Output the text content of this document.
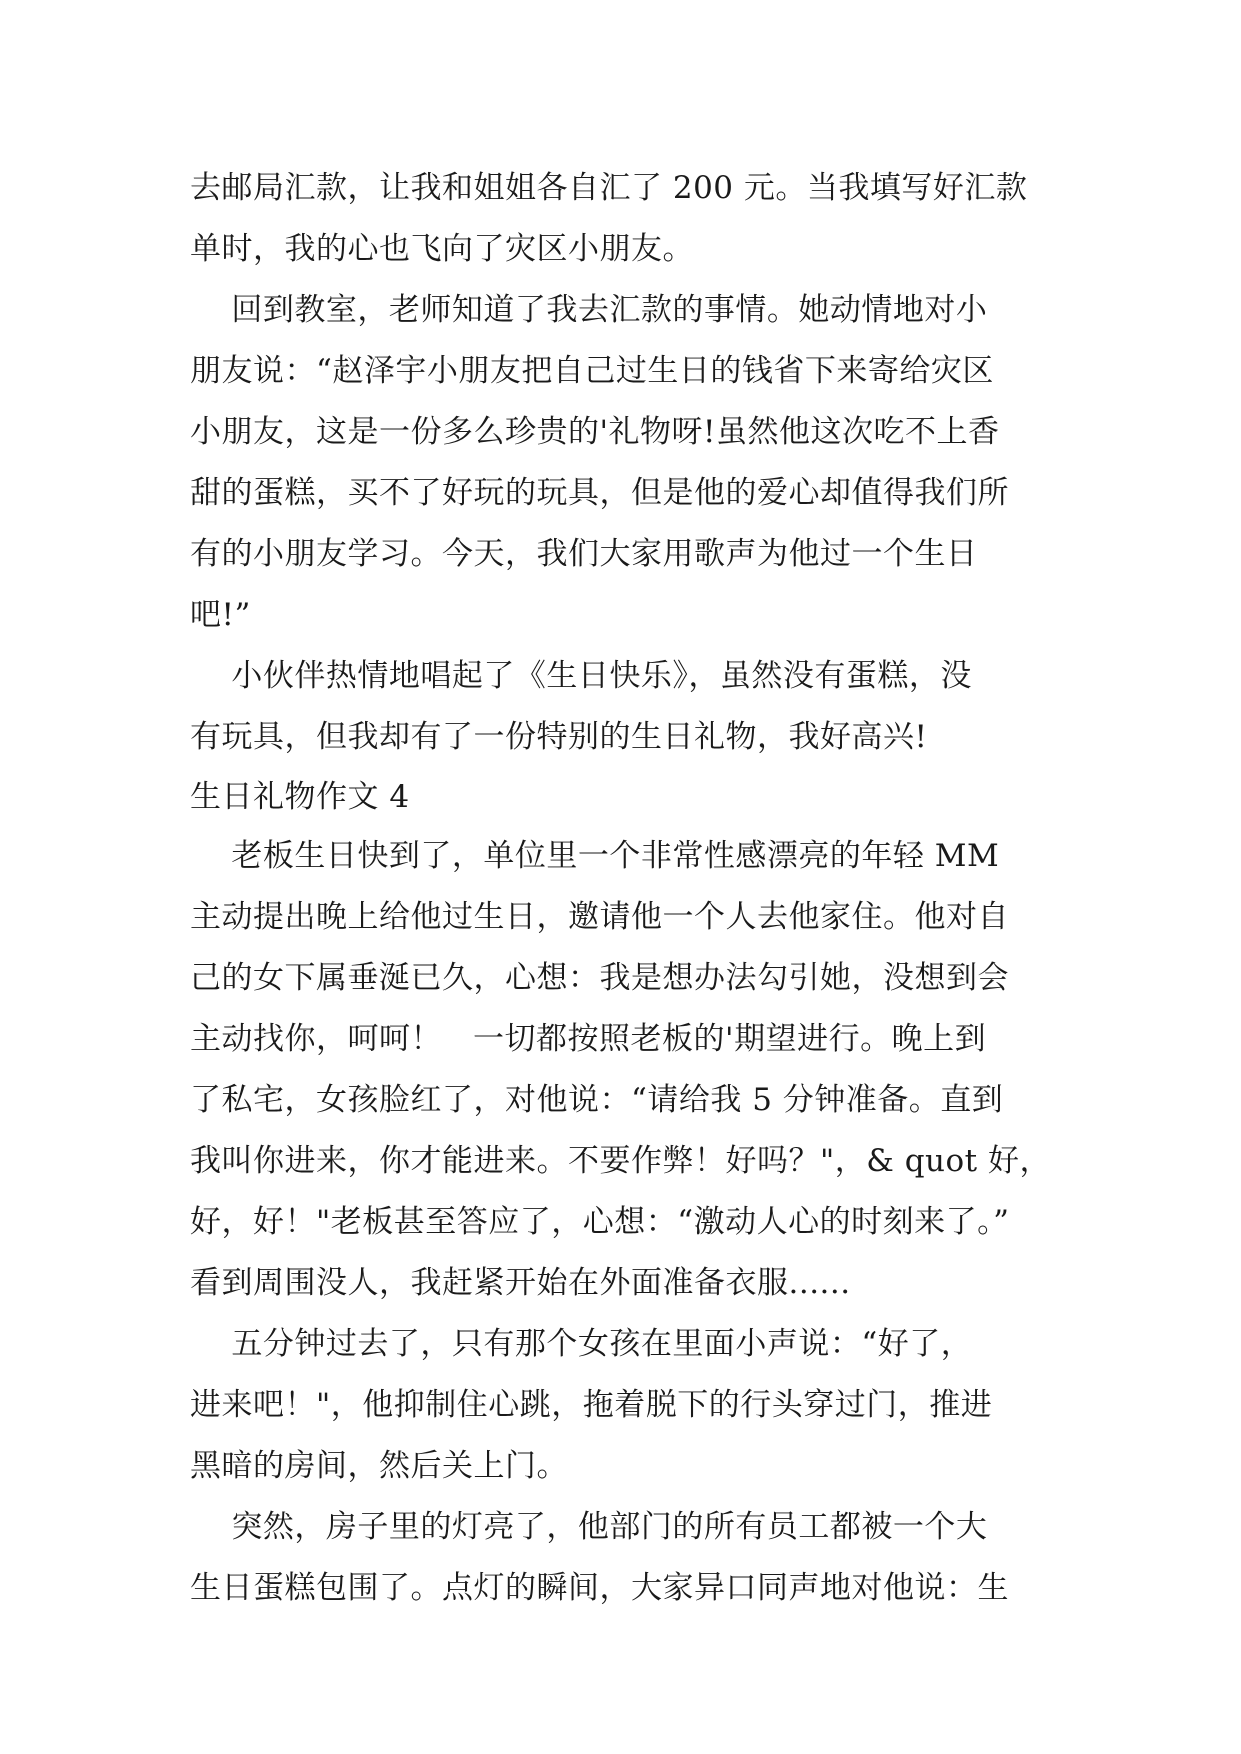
去邮局汇款，让我和姐姐各自汇了 200 元。当我填写好汇款
单时，我的心也飞向了灾区小朋友。
回到教室，老师知道了我去汇款的事情。她动情地对小
朋友说：“赵泽宇小朋友把自己过生日的钱省下来寄给灾区
小朋友，这是一份多么珍贵的'礼物呀!虽然他这次吃不上香
甜的蛋糕，买不了好玩的玩具，但是他的爱心却值得我们所
有的小朋友学习。今天，我们大家用歌声为他过一个生日
吧!”
小伙伴热情地唱起了《生日快乐》，虽然没有蛋糕，没
有玩具，但我却有了一份特别的生日礼物，我好高兴!
生日礼物作文 4
老板生日快到了，单位里一个非常性感漂亮的年轻 MM
主动提出晚上给他过生日，邀请他一个人去他家住。他对自
己的女下属垂涎已久，心想：我是想办法勾引她，没想到会
主动找你，呵呵！   一切都按照老板的'期望进行。晚上到
了私宅，女孩脸红了，对他说：“请给我 5 分钟准备。直到
我叫你进来，你才能进来。不要作弊！好吗？"，& quot 好，
好，好！"老板甚至答应了，心想：“激动人心的时刻来了。”
看到周围没人，我赶紧开始在外面准备衣服......
五分钟过去了，只有那个女孩在里面小声说：“好了，
进来吧！"，他抑制住心跳，拖着脱下的行头穿过门，推进
黑暗的房间，然后关上门。
突然，房子里的灯亮了，他部门的所有员工都被一个大
生日蛋糕包围了。点灯的瞬间，大家异口同声地对他说：生
